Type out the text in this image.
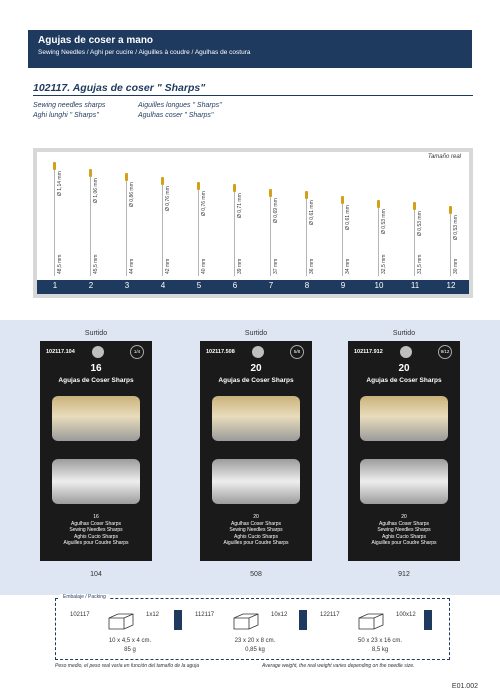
Agujas de coser a mano
Sewing Needles / Aghi per cucire / Aiguilles à coudre / Agulhas de costura
102117. Agujas de coser " Sharps"
Sewing needles sharps	Aiguilles longues " Sharps"
Aghi lunghi " Sharps"	Agulhas coser " Sharps"
Tamaño real
Ø 1,14 mm
48,5 mm
Ø 1,06 mm
45,5 mm
Ø 0,86 mm
44 mm
Ø 0,76 mm
42 mm
Ø 0,76 mm
40 mm
Ø 0,71 mm
39 mm
Ø 0,69 mm
37 mm
Ø 0,61 mm
36 mm
Ø 0,61 mm
34 mm
Ø 0,53 mm
32,5 mm
Ø 0,53 mm
31,5 mm
Ø 0,53 mm
30 mm
1	2	3	4	5	6	7	8	9	10	11	12
Surtido
102117.104	1/4
16
Agujas de Coser Sharps
16
Agulhas Coser Sharps
Sewing Needles Sharps
Aghis Cucio Sharps
Aiguilles pour Coudre Sharps
104
Surtido
102117.508	5/8
20
Agujas de Coser Sharps
20
Agulhas Coser Sharps
Sewing Needles Sharps
Aghis Cucio Sharps
Aiguilles pour Coudre Sharps
508
Surtido
102117.912	9/12
20
Agujas de Coser Sharps
20
Agulhas Coser Sharps
Sewing Needles Sharps
Aghis Cucio Sharps
Aiguilles pour Coudre Sharps
912
Embalaje / Packing
102117	1x12
10 x 4,5 x 4 cm.
85 g
112117	10x12
23 x 20 x 8 cm.
0,85 kg
122117	100x12
50 x 23 x 16 cm.
8,5 kg
Peso medio, el peso real varía en función del tamaño de la aguja	Average weight, the real weight varies depending on the needle size.
E01.002
